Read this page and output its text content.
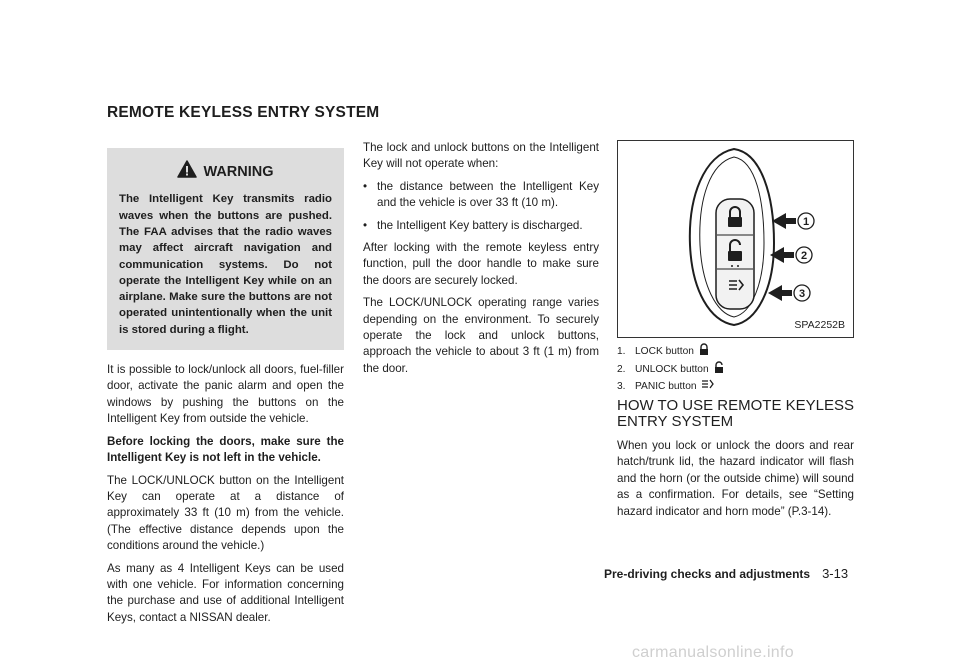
REMOTE KEYLESS ENTRY SYSTEM
WARNING
The Intelligent Key transmits radio waves when the buttons are pushed. The FAA advises that the radio waves may affect aircraft navigation and communication systems. Do not operate the Intelligent Key while on an airplane. Make sure the buttons are not operated unintentionally when the unit is stored during a flight.

It is possible to lock/unlock all doors, fuel-filler door, activate the panic alarm and open the windows by pushing the buttons on the Intelligent Key from outside the vehicle.

Before locking the doors, make sure the Intelligent Key is not left in the vehicle.

The LOCK/UNLOCK button on the Intelligent Key can operate at a distance of approximately 33 ft (10 m) from the vehicle. (The effective distance depends upon the conditions around the vehicle.)

As many as 4 Intelligent Keys can be used with one vehicle. For information concerning the purchase and use of additional Intelligent Keys, contact a NISSAN dealer.

The lock and unlock buttons on the Intelligent Key will not operate when:

• the distance between the Intelligent Key and the vehicle is over 33 ft (10 m).
• the Intelligent Key battery is discharged.

After locking with the remote keyless entry function, pull the door handle to make sure the doors are securely locked.

The LOCK/UNLOCK operating range varies depending on the environment. To securely operate the lock and unlock buttons, approach the vehicle to about 3 ft (1 m) from the door.

1
2
3
SPA2252B
1. LOCK button
2. UNLOCK button
3. PANIC button
HOW TO USE REMOTE KEYLESS ENTRY SYSTEM

When you lock or unlock the doors and rear hatch/trunk lid, the hazard indicator will flash and the horn (or the outside chime) will sound as a confirmation. For details, see “Setting hazard indicator and horn mode” (P.3-14).

Pre-driving checks and adjustments 3-13
carmanualsonline.info
